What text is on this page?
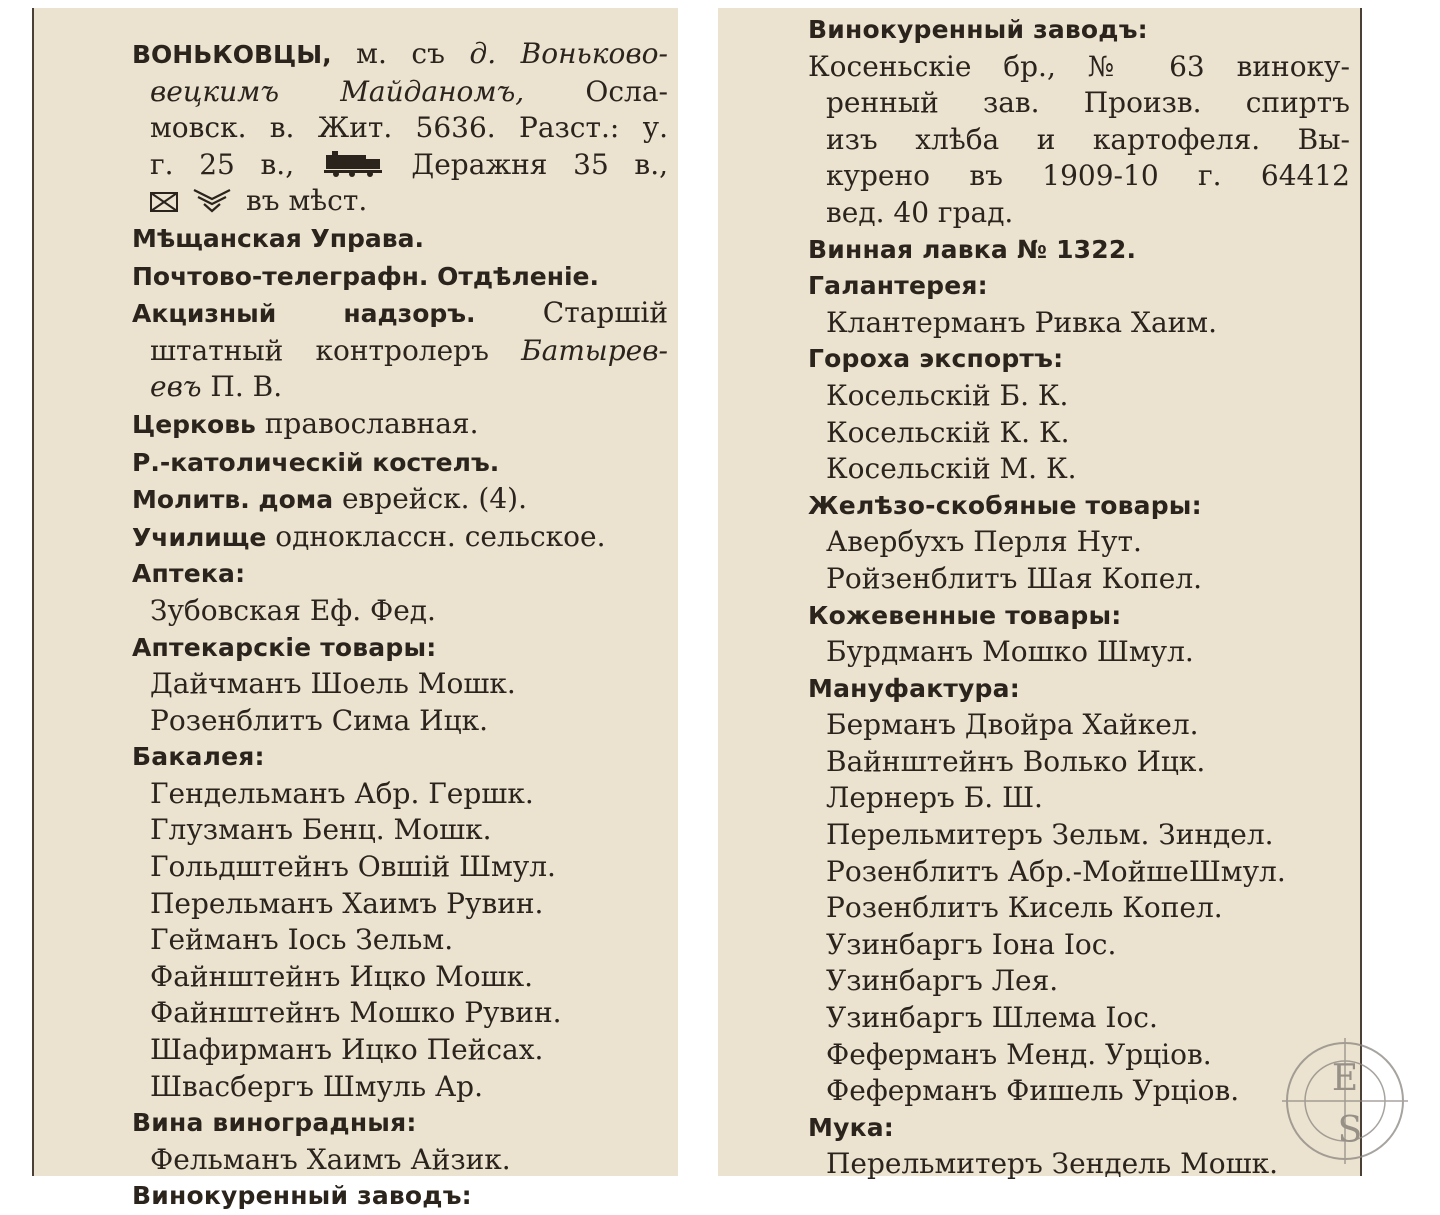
ВОНЬКОВЦЫ, м. съ д. Воньково-
вецкимъ Майданомъ, Осла-
мовск. в. Жит. 5636. Разст.: у.
г. 25 в.,  Деражня 35 в.,
въ мѣст.
Мѣщанская Управа.
Почтово-телеграфн. Отдѣленіе.
Акцизный надзоръ. Старшій
штатный контролеръ Батырев-
евъ П. В.
Церковь православная.
Р.-католическій костелъ.
Молитв. дома еврейск. (4).
Училище одноклассн. сельское.
Аптека:
Зубовская Еф. Фед.
Аптекарскіе товары:
Дайчманъ Шоель Мошк.
Розенблитъ Сима Ицк.
Бакалея:
Гендельманъ Абр. Гершк.
Глузманъ Бенц. Мошк.
Гольдштейнъ Овшій Шмул.
Перельманъ Хаимъ Рувин.
Гейманъ Іось Зельм.
Файнштейнъ Ицко Мошк.
Файнштейнъ Мошко Рувин.
Шафирманъ Ицко Пейсах.
Швасбергъ Шмуль Ар.
Вина виноградныя:
Фельманъ Хаимъ Айзик.
Винокуренный заводъ:
Винокуренный заводъ:
Косеньскіе бр., № 63 виноку-
ренный зав. Произв. спиртъ
изъ хлѣба и картофеля. Вы-
курено въ 1909-10 г. 64412
вед. 40 град.
Винная лавка № 1322.
Галантерея:
Клантерманъ Ривка Хаим.
Гороха экспортъ:
Косельскій Б. К.
Косельскій К. К.
Косельскій М. К.
Желѣзо-скобяные товары:
Авербухъ Перля Нут.
Ройзенблитъ Шая Копел.
Кожевенные товары:
Бурдманъ Мошко Шмул.
Мануфактура:
Берманъ Двойра Хайкел.
Вайнштейнъ Волько Ицк.
Лернеръ Б. Ш.
Перельмитеръ Зельм. Зиндел.
Розенблитъ Абр.-МойшеШмул.
Розенблитъ Кисель Копел.
Узинбаргъ Іона Іос.
Узинбаргъ Лея.
Узинбаргъ Шлема Іос.
Феферманъ Менд. Урціов.
Феферманъ Фишель Урціов.
Мука:
Перельмитеръ Зендель Мошк.
E
S
